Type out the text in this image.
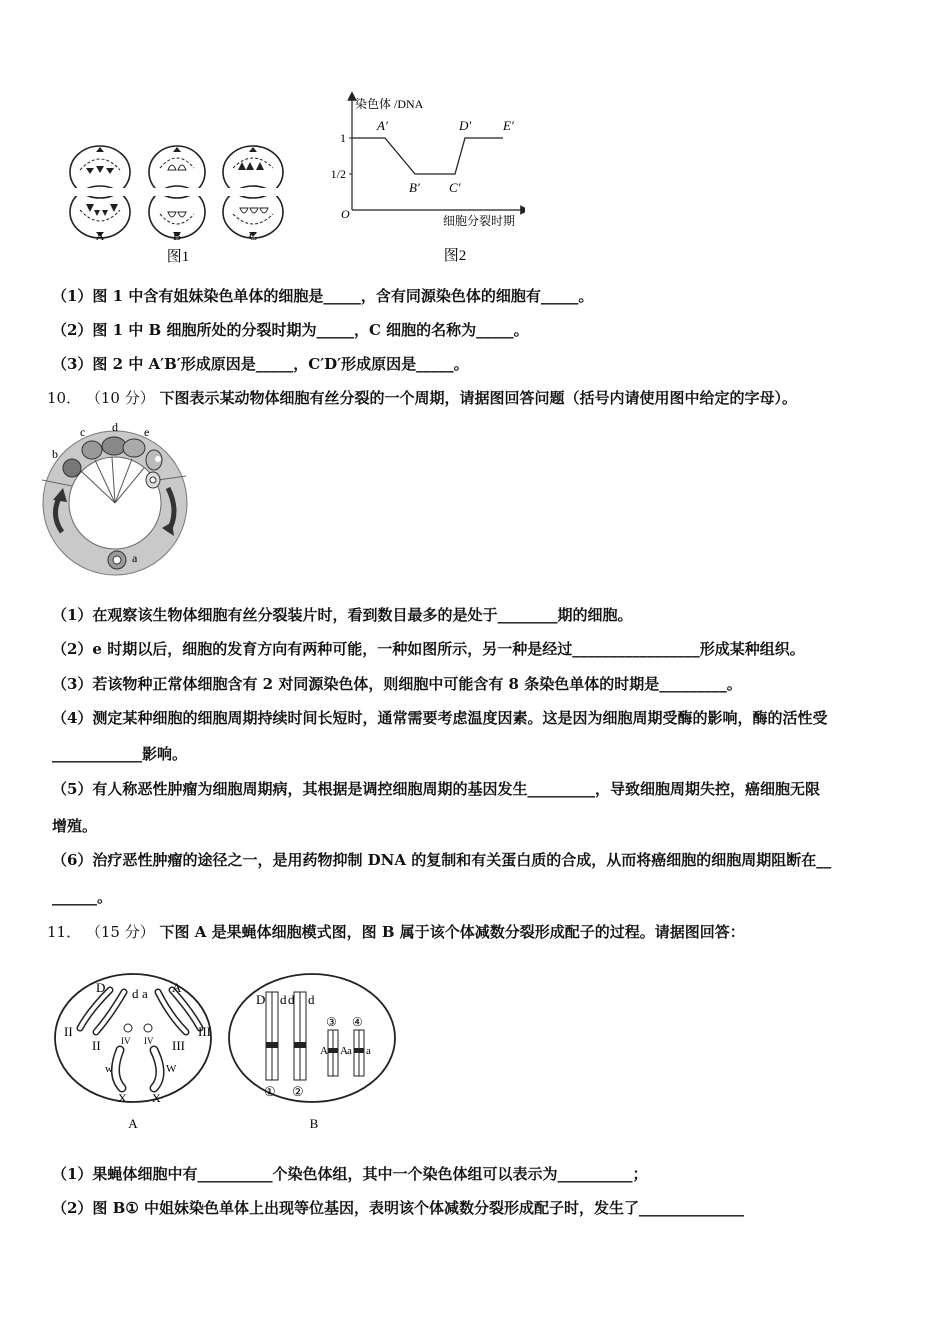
A	B	C
图1
染色体 /DNA
细胞分裂时期
O
1
1/2
A′
B′ C′
D′ E′
图2
（1）图 1 中含有姐妹染色单体的细胞是_____，含有同源染色体的细胞有_____。
（2）图 1 中 B 细胞所处的分裂时期为_____，C 细胞的名称为_____。
（3）图 2 中 A′B′形成原因是_____，C′D′形成原因是_____。
10． （10 分） 下图表示某动物体细胞有丝分裂的一个周期，请据图回答问题（括号内请使用图中给定的字母）。
a
b
c d e
（1）在观察该生物体细胞有丝分裂装片时，看到数目最多的是处于________期的细胞。
（2）e 时期以后，细胞的发育方向有两种可能，一种如图所示，另一种是经过_________________形成某种组织。
（3）若该物种正常体细胞含有 2 对同源染色体，则细胞中可能含有 8 条染色单体的时期是_________。
（4）测定某种细胞的细胞周期持续时间长短时，通常需要考虑温度因素。这是因为细胞周期受酶的影响，酶的活性受
____________影响。
（5）有人称恶性肿瘤为细胞周期病，其根据是调控细胞周期的基因发生_________，导致细胞周期失控，癌细胞无限
增殖。
（6）治疗恶性肿瘤的途径之一，是用药物抑制 DNA 的复制和有关蛋白质的合成，从而将癌细胞的细胞周期阻断在__
______。
11． （15 分） 下图 A 是果蝇体细胞模式图，图 B 属于该个体减数分裂形成配子的过程。请据图回答：
D d a A
II
II	III
III
IV IV
w	W
X X
A
D d d d
① ②
③ ④
A A a a
B
（1）果蝇体细胞中有__________个染色体组，其中一个染色体组可以表示为__________；
（2）图 B① 中姐妹染色单体上出现等位基因，表明该个体减数分裂形成配子时，发生了______________
